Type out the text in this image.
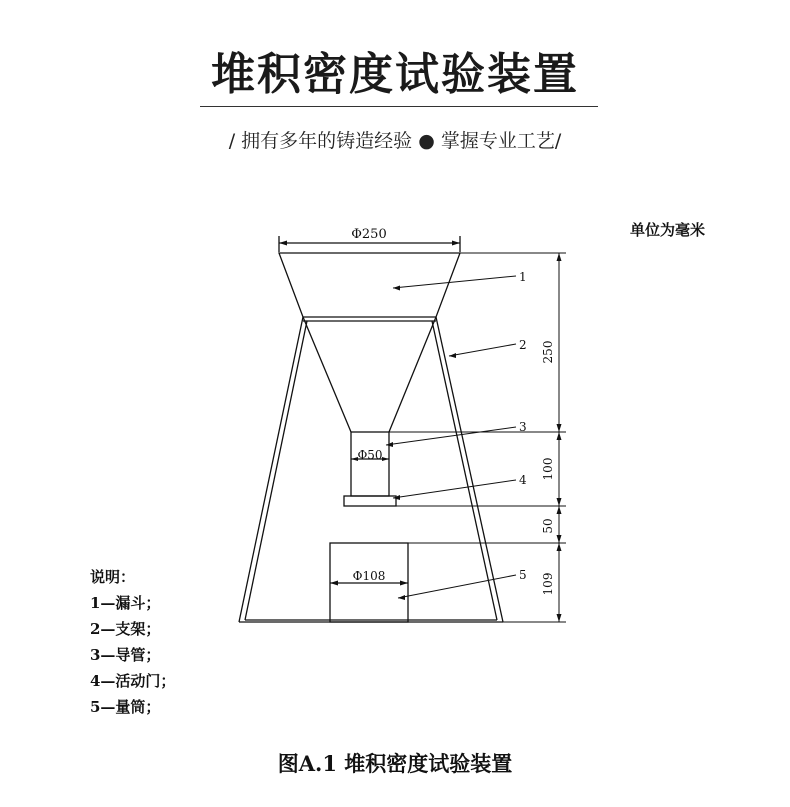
堆积密度试验装置
/ 拥有多年的铸造经验 ● 掌握专业工艺/
单位为毫米
Φ250
Φ50
Φ108
250
100
50
109
1
2
3
4
5
说明：
1—漏斗；
2—支架；
3—导管；
4—活动门；
5—量筒；
图A.1 堆积密度试验装置
